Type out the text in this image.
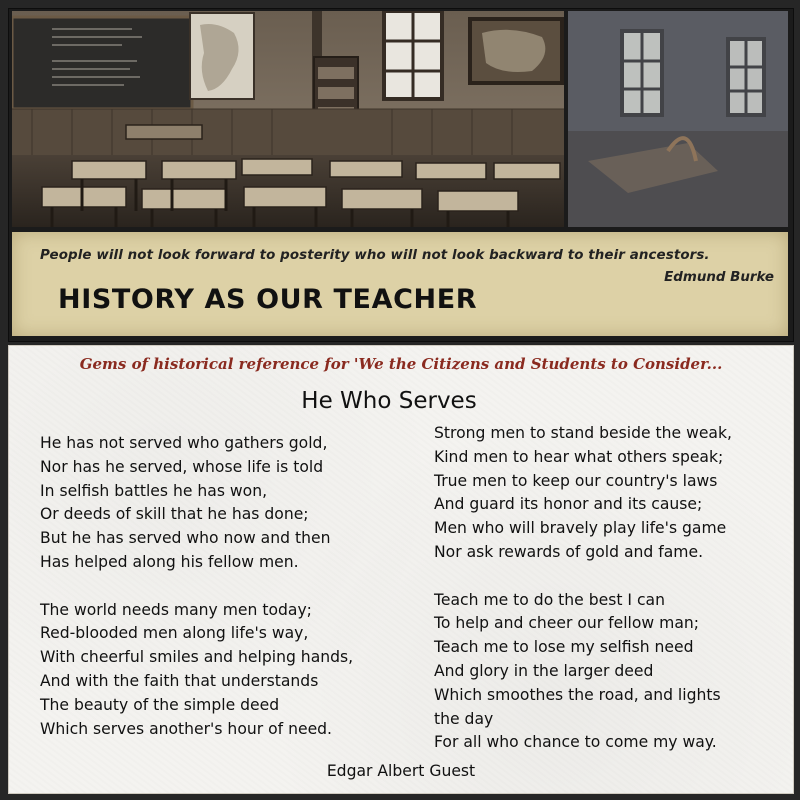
People will not look forward to posterity who will not look backward to their ancestors.
Edmund Burke
HISTORY AS OUR TEACHER
Gems of historical reference for 'We the Citizens and Students to Consider...
He Who Serves
He has not served who gathers gold,
Nor has he served, whose life is told
In selfish battles he has won,
Or deeds of skill that he has done;
But he has served who now and then
Has helped along his fellow men.
The world needs many men today;
Red-blooded men along life's way,
With cheerful smiles and helping hands,
And with the faith that understands
The beauty of the simple deed
Which serves another's hour of need.
Strong men to stand beside the weak,
Kind men to hear what others speak;
True men to keep our country's laws
And guard its honor and its cause;
Men who will bravely play life's game
Nor ask rewards of gold and fame.
Teach me to do the best I can
To help and cheer our fellow man;
Teach me to lose my selfish need
And glory in the larger deed
Which smoothes the road, and lights
the day
For all who chance to come my way.
Edgar Albert Guest
